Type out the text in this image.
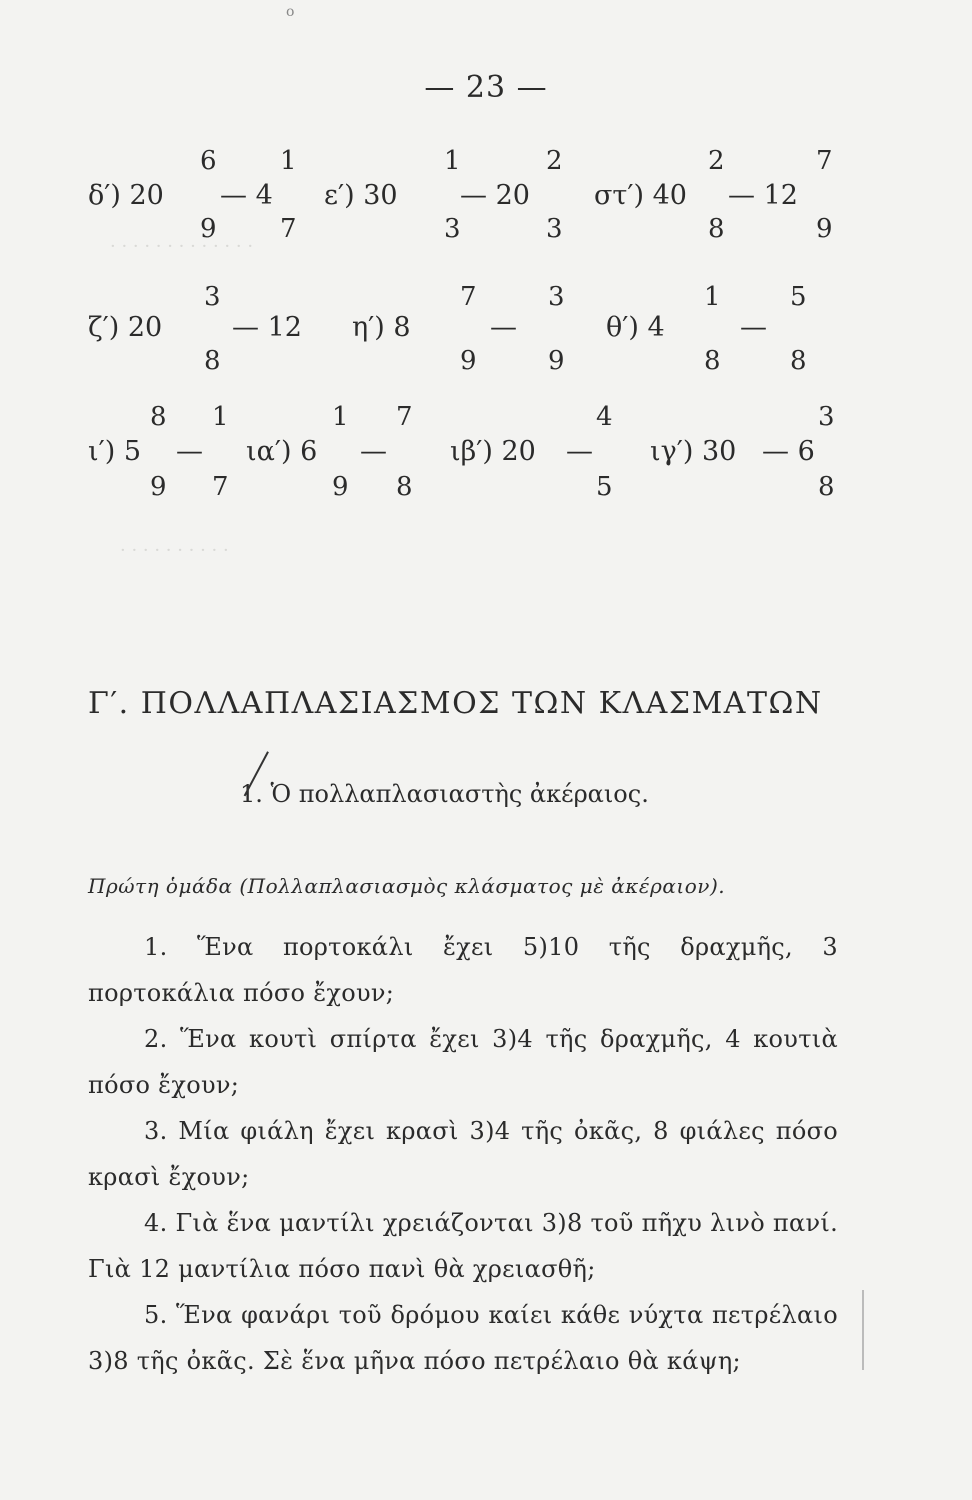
o
· · · · · · · · · · · · ·
· · · · · · · · · ·
— 23 —
δ′) 20
6
9
— 4
1
7
ε′) 30
1
3
— 20
2
3
στ′) 40
2
8
— 12
7
9
ζ′) 20
3
8
— 12 η′) 8
7
9
—
3
9
θ′) 4
1
8
—
5
8
ι′) 5
8
9
—
1
7
ια′) 6
1
9
—
7
8
ιβ′) 20
4
5
— ιγ′) 30
3
8
— 6
Γ′. ΠΟΛΛΑΠΛΑΣΙΑΣΜΟΣ ΤΩΝ ΚΛΑΣΜΑΤΩΝ
1. Ὁ πολλαπλασιαστὴς ἀκέραιος.
Πρώτη ὁμάδα (Πολλαπλασιασμὸς κλάσματος μὲ ἀκέραιον).

1. Ἕνα πορτοκάλι ἔχει 5)10 τῆς δραχμῆς, 3 πορτοκάλια πόσο ἔχουν;

2. Ἕνα κουτὶ σπίρτα ἔχει 3)4 τῆς δραχμῆς, 4 κουτιὰ πόσο ἔχουν;

3. Μία φιάλη ἔχει κρασὶ 3)4 τῆς ὀκᾶς, 8 φιάλες πόσο κρασὶ ἔχουν;

4. Γιὰ ἕνα μαντίλι χρειάζονται 3)8 τοῦ πῆχυ λινὸ πανί. Γιὰ 12 μαντίλια πόσο πανὶ θὰ χρειασθῆ;

5. Ἕνα φανάρι τοῦ δρόμου καίει κάθε νύχτα πετρέλαιο 3)8 τῆς ὀκᾶς. Σὲ ἕνα μῆνα πόσο πετρέλαιο θὰ κάψη;
